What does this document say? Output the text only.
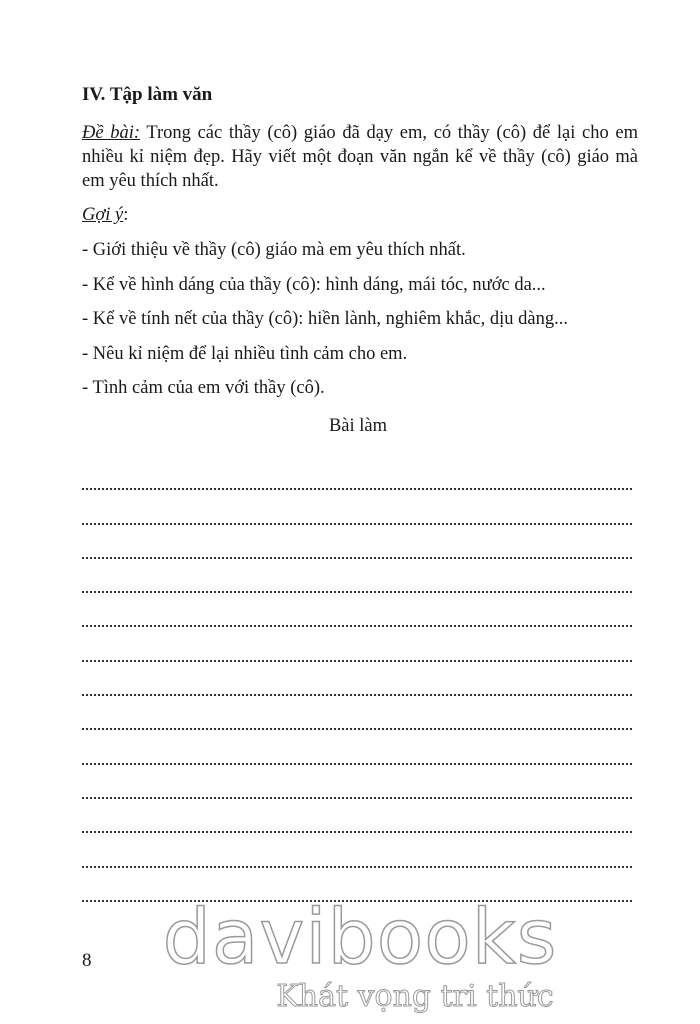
IV. Tập làm văn

Đề bài: Trong các thầy (cô) giáo đã dạy em, có thầy (cô) để lại cho em nhiều kỉ niệm đẹp. Hãy viết một đoạn văn ngắn kể về thầy (cô) giáo mà em yêu thích nhất.

Gợi ý:

- Giới thiệu về thầy (cô) giáo mà em yêu thích nhất.
- Kể về hình dáng của thầy (cô): hình dáng, mái tóc, nước da...
- Kể về tính nết của thầy (cô): hiền lành, nghiêm khắc, dịu dàng...
- Nêu kỉ niệm để lại nhiều tình cảm cho em.
- Tình cảm của em với thầy (cô).

Bài làm

8 davibooks
Khát vọng tri thức
